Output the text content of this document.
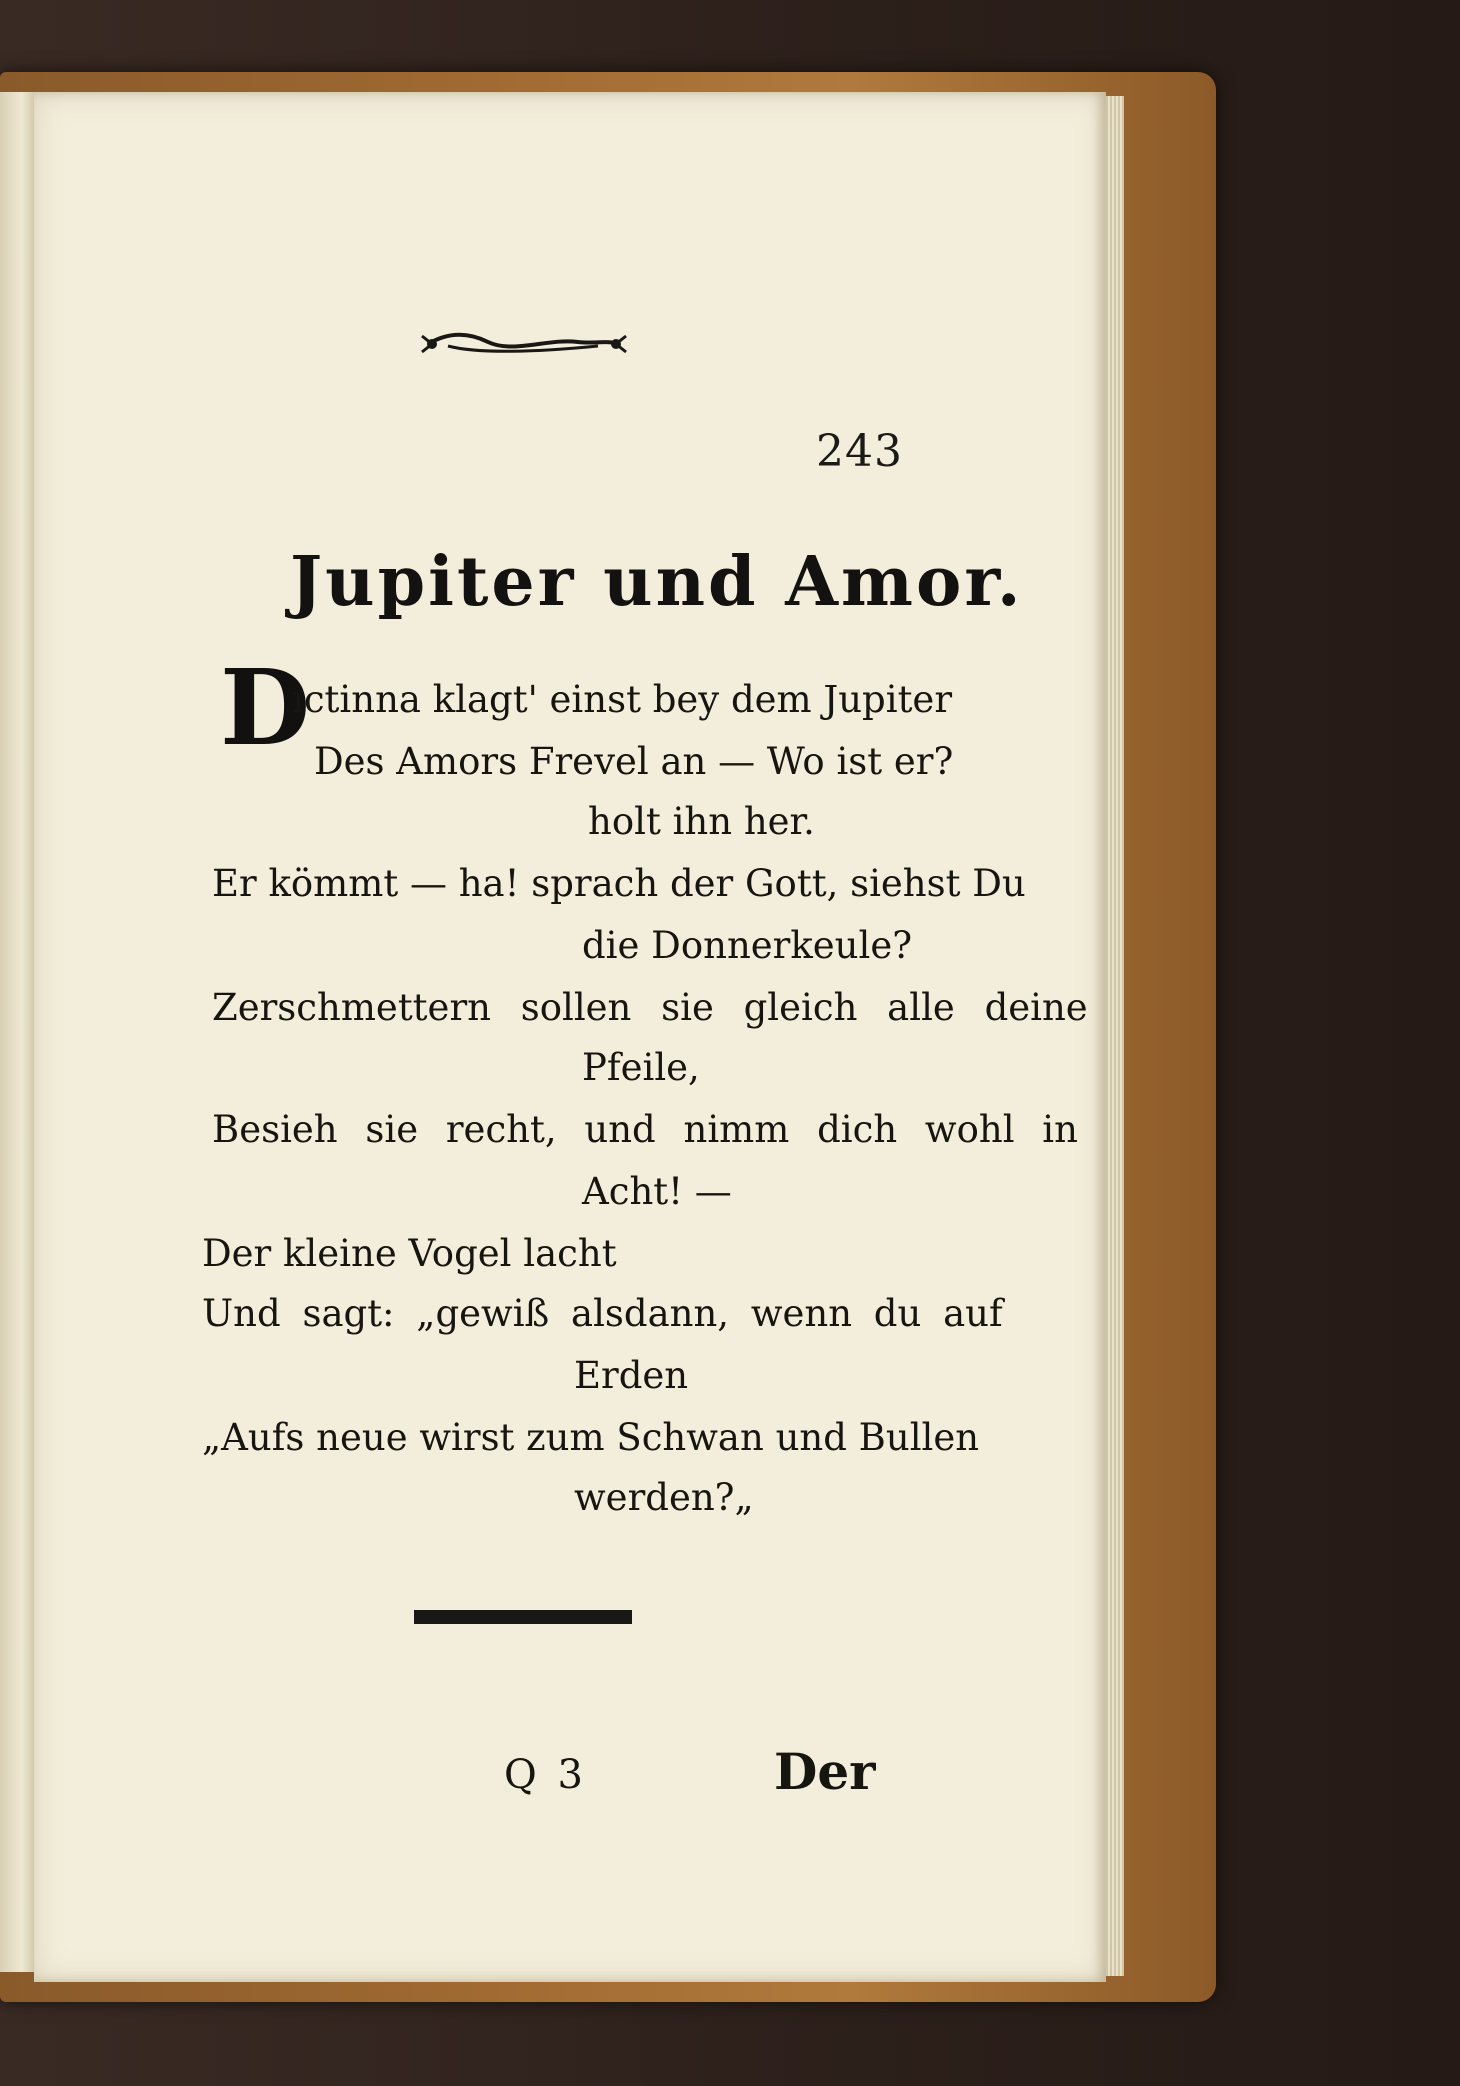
243
Jupiter und Amor.
D
ictinna klagt' einst bey dem Jupiter
Des Amors Frevel an — Wo ist er?
holt ihn her.
Er kömmt — ha! sprach der Gott, siehst Du
die Donnerkeule?
Zerschmettern sollen sie gleich alle deine
Pfeile,
Besieh sie recht, und nimm dich wohl in
Acht! —
Der kleine Vogel lacht
Und sagt: „gewiß alsdann, wenn du auf
Erden
„Aufs neue wirst zum Schwan und Bullen
werden?„
Q 3	Der
